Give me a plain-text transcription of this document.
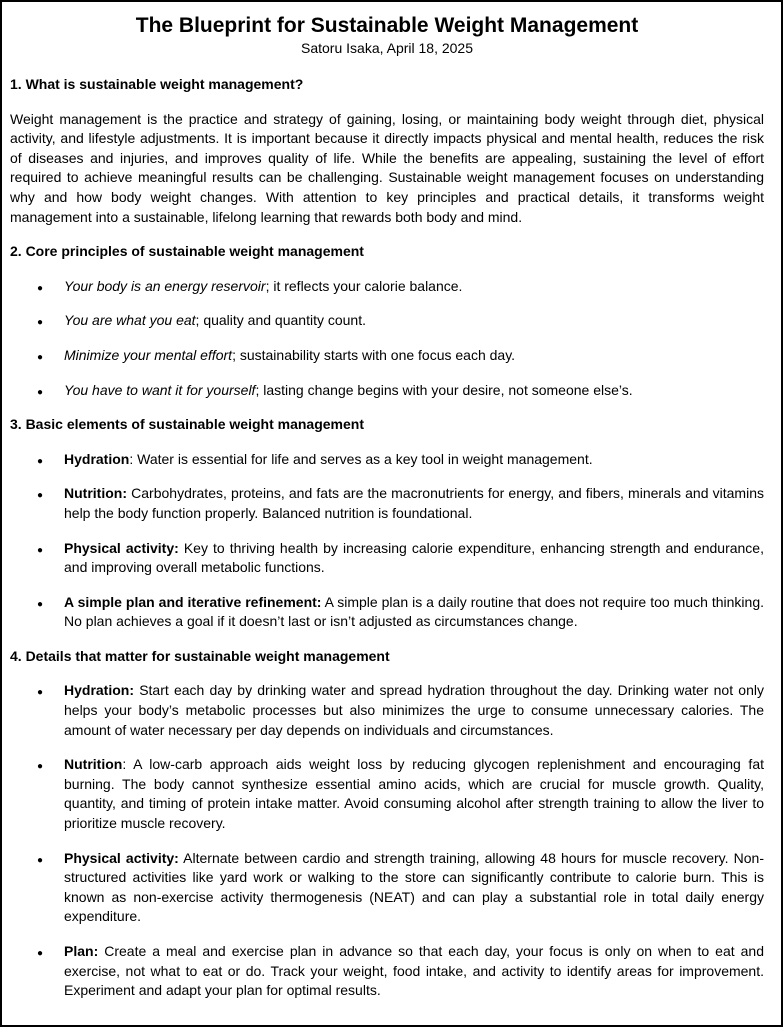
The Blueprint for Sustainable Weight Management
Satoru Isaka, April 18, 2025
1. What is sustainable weight management?

Weight management is the practice and strategy of gaining, losing, or maintaining body weight through diet, physical activity, and lifestyle adjustments. It is important because it directly impacts physical and mental health, reduces the risk of diseases and injuries, and improves quality of life. While the benefits are appealing, sustaining the level of effort required to achieve meaningful results can be challenging. Sustainable weight management focuses on understanding why and how body weight changes. With attention to key principles and practical details, it transforms weight management into a sustainable, lifelong learning that rewards both body and mind.

2. Core principles of sustainable weight management
●
Your body is an energy reservoir; it reflects your calorie balance.
●
You are what you eat; quality and quantity count.
●
Minimize your mental effort; sustainability starts with one focus each day.
●
You have to want it for yourself; lasting change begins with your desire, not someone else’s.
3. Basic elements of sustainable weight management
●
Hydration: Water is essential for life and serves as a key tool in weight management.
●
Nutrition: Carbohydrates, proteins, and fats are the macronutrients for energy, and fibers, minerals and vitamins help the body function properly. Balanced nutrition is foundational.
●
Physical activity: Key to thriving health by increasing calorie expenditure, enhancing strength and endurance, and improving overall metabolic functions.
●
A simple plan and iterative refinement: A simple plan is a daily routine that does not require too much thinking. No plan achieves a goal if it doesn’t last or isn’t adjusted as circumstances change.
4. Details that matter for sustainable weight management
●
Hydration: Start each day by drinking water and spread hydration throughout the day. Drinking water not only helps your body’s metabolic processes but also minimizes the urge to consume unnecessary calories. The amount of water necessary per day depends on individuals and circumstances.
●
Nutrition: A low-carb approach aids weight loss by reducing glycogen replenishment and encouraging fat burning. The body cannot synthesize essential amino acids, which are crucial for muscle growth. Quality, quantity, and timing of protein intake matter. Avoid consuming alcohol after strength training to allow the liver to prioritize muscle recovery.
●
Physical activity: Alternate between cardio and strength training, allowing 48 hours for muscle recovery. Non-structured activities like yard work or walking to the store can significantly contribute to calorie burn. This is known as non-exercise activity thermogenesis (NEAT) and can play a substantial role in total daily energy expenditure.
●
Plan: Create a meal and exercise plan in advance so that each day, your focus is only on when to eat and exercise, not what to eat or do. Track your weight, food intake, and activity to identify areas for improvement. Experiment and adapt your plan for optimal results.
